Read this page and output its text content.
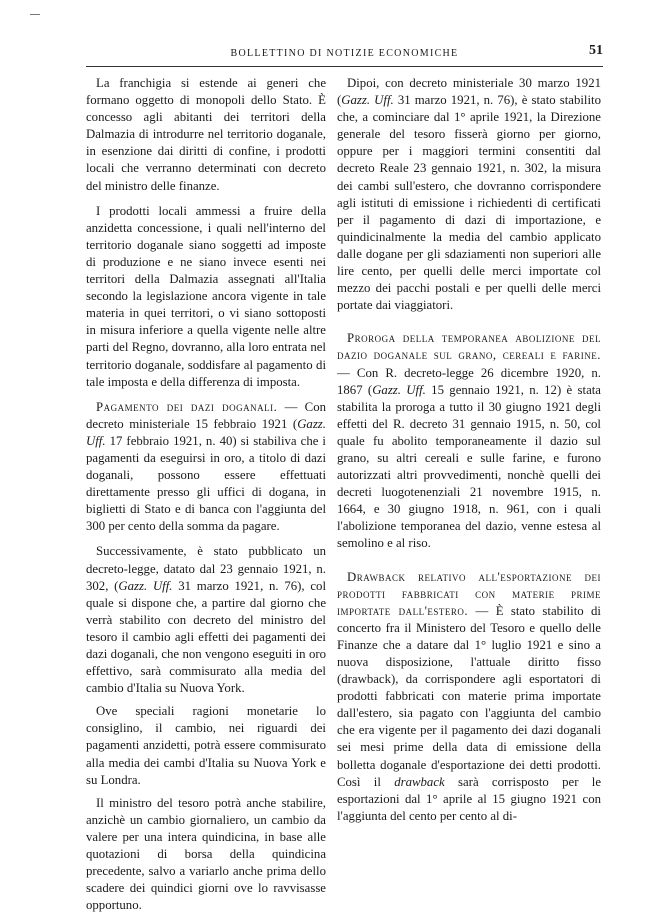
BOLLETTINO DI NOTIZIE ECONOMICHE	51

La franchigia si estende ai generi che formano oggetto di monopoli dello Stato. È concesso agli abitanti dei territori della Dalmazia di introdurre nel territorio doganale, in esenzione dai diritti di confine, i prodotti locali che verranno determinati con decreto del ministro delle finanze.

I prodotti locali ammessi a fruire della anzidetta concessione, i quali nell'interno del territorio doganale siano soggetti ad imposte di produzione e ne siano invece esenti nei territori della Dalmazia assegnati all'Italia secondo la legislazione ancora vigente in tale materia in quei territori, o vi siano sottoposti in misura inferiore a quella vigente nelle altre parti del Regno, dovranno, alla loro entrata nel territorio doganale, soddisfare al pagamento di tale imposta e della differenza di imposta.

Pagamento dei dazi doganali. — Con decreto ministeriale 15 febbraio 1921 (Gazz. Uff. 17 febbraio 1921, n. 40) si stabiliva che i pagamenti da eseguirsi in oro, a titolo di dazi doganali, possono essere effettuati direttamente presso gli uffici di dogana, in biglietti di Stato e di banca con l'aggiunta del 300 per cento della somma da pagare.

Successivamente, è stato pubblicato un decreto-legge, datato dal 23 gennaio 1921, n. 302, (Gazz. Uff. 31 marzo 1921, n. 76), col quale si dispone che, a partire dal giorno che verrà stabilito con decreto del ministro del tesoro il cambio agli effetti dei pagamenti dei dazi doganali, che non vengono eseguiti in oro effettivo, sarà commisurato alla media del cambio d'Italia su Nuova York.

Ove speciali ragioni monetarie lo consiglino, il cambio, nei riguardi dei pagamenti anzidetti, potrà essere commisurato alla media dei cambi d'Italia su Nuova York e su Londra.

Il ministro del tesoro potrà anche stabilire, anzichè un cambio giornaliero, un cambio da valere per una intera quindicina, in base alle quotazioni di borsa della quindicina precedente, salvo a variarlo anche prima dello scadere dei quindici giorni ove lo ravvisasse opportuno.

Dipoi, con decreto ministeriale 30 marzo 1921 (Gazz. Uff. 31 marzo 1921, n. 76), è stato stabilito che, a cominciare dal 1° aprile 1921, la Direzione generale del tesoro fisserà giorno per giorno, oppure per i maggiori termini consentiti dal decreto Reale 23 gennaio 1921, n. 302, la misura dei cambi sull'estero, che dovranno corrispondere agli istituti di emissione i richiedenti di certificati per il pagamento di dazi di importazione, e quindicinalmente la media del cambio applicato dalle dogane per gli sdaziamenti non superiori alle lire cento, per quelli delle merci importate col mezzo dei pacchi postali e per quelli delle merci portate dai viaggiatori.

Proroga della temporanea abolizione del dazio doganale sul grano, cereali e farine. — Con R. decreto-legge 26 dicembre 1920, n. 1867 (Gazz. Uff. 15 gennaio 1921, n. 12) è stata stabilita la proroga a tutto il 30 giugno 1921 degli effetti del R. decreto 31 gennaio 1915, n. 50, col quale fu abolito temporaneamente il dazio sul grano, su altri cereali e sulle farine, e furono autorizzati altri provvedimenti, nonchè quelli dei decreti luogotenenziali 21 novembre 1915, n. 1664, e 30 giugno 1918, n. 961, con i quali l'abolizione temporanea del dazio, venne estesa al semolino e al riso.

Drawback relativo all'esportazione dei prodotti fabbricati con materie prime importate dall'estero. — È stato stabilito di concerto fra il Ministero del Tesoro e quello delle Finanze che a datare dal 1° luglio 1921 e sino a nuova disposizione, l'attuale diritto fisso (drawback), da corrispondere agli esportatori di prodotti fabbricati con materie prima importate dall'estero, sia pagato con l'aggiunta del cambio che era vigente per il pagamento dei dazi doganali sei mesi prime della data di emissione della bolletta doganale d'esportazione dei detti prodotti. Così il drawback sarà corrisposto per le esportazioni dal 1° aprile al 15 giugno 1921 con l'aggiunta del cento per cento al di-
